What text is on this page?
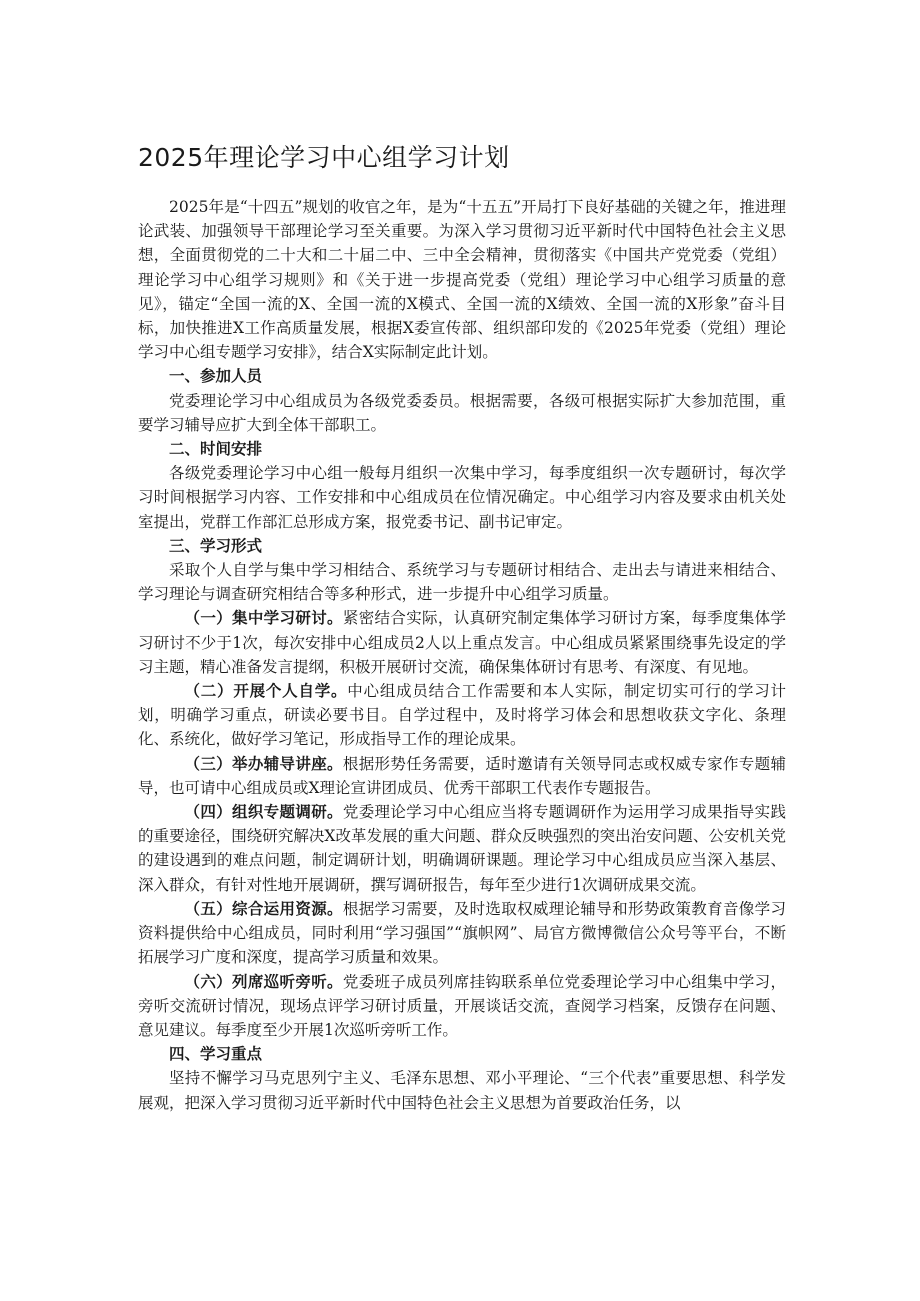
2025年理论学习中心组学习计划

2025年是“十四五”规划的收官之年，是为“十五五”开局打下良好基础的关键之年，推进理论武装、加强领导干部理论学习至关重要。为深入学习贯彻习近平新时代中国特色社会主义思想，全面贯彻党的二十大和二十届二中、三中全会精神，贯彻落实《中国共产党党委（党组）理论学习中心组学习规则》和《关于进一步提高党委（党组）理论学习中心组学习质量的意见》，锚定“全国一流的X、全国一流的X模式、全国一流的X绩效、全国一流的X形象”奋斗目标，加快推进X工作高质量发展，根据X委宣传部、组织部印发的《2025年党委（党组）理论学习中心组专题学习安排》，结合X实际制定此计划。

一、参加人员

党委理论学习中心组成员为各级党委委员。根据需要，各级可根据实际扩大参加范围，重要学习辅导应扩大到全体干部职工。

二、时间安排

各级党委理论学习中心组一般每月组织一次集中学习，每季度组织一次专题研讨，每次学习时间根据学习内容、工作安排和中心组成员在位情况确定。中心组学习内容及要求由机关处室提出，党群工作部汇总形成方案，报党委书记、副书记审定。

三、学习形式

采取个人自学与集中学习相结合、系统学习与专题研讨相结合、走出去与请进来相结合、学习理论与调查研究相结合等多种形式，进一步提升中心组学习质量。

（一）集中学习研讨。紧密结合实际，认真研究制定集体学习研讨方案，每季度集体学习研讨不少于1次，每次安排中心组成员2人以上重点发言。中心组成员紧紧围绕事先设定的学习主题，精心准备发言提纲，积极开展研讨交流，确保集体研讨有思考、有深度、有见地。

（二）开展个人自学。中心组成员结合工作需要和本人实际，制定切实可行的学习计划，明确学习重点，研读必要书目。自学过程中，及时将学习体会和思想收获文字化、条理化、系统化，做好学习笔记，形成指导工作的理论成果。

（三）举办辅导讲座。根据形势任务需要，适时邀请有关领导同志或权威专家作专题辅导，也可请中心组成员或X理论宣讲团成员、优秀干部职工代表作专题报告。

（四）组织专题调研。党委理论学习中心组应当将专题调研作为运用学习成果指导实践的重要途径，围绕研究解决X改革发展的重大问题、群众反映强烈的突出治安问题、公安机关党的建设遇到的难点问题，制定调研计划，明确调研课题。理论学习中心组成员应当深入基层、深入群众，有针对性地开展调研，撰写调研报告，每年至少进行1次调研成果交流。

（五）综合运用资源。根据学习需要，及时选取权威理论辅导和形势政策教育音像学习资料提供给中心组成员，同时利用“学习强国”“旗帜网”、局官方微博微信公众号等平台，不断拓展学习广度和深度，提高学习质量和效果。

（六）列席巡听旁听。党委班子成员列席挂钩联系单位党委理论学习中心组集中学习，旁听交流研讨情况，现场点评学习研讨质量，开展谈话交流，查阅学习档案，反馈存在问题、意见建议。每季度至少开展1次巡听旁听工作。

四、学习重点

坚持不懈学习马克思列宁主义、毛泽东思想、邓小平理论、“三个代表”重要思想、科学发展观，把深入学习贯彻习近平新时代中国特色社会主义思想为首要政治任务，以
